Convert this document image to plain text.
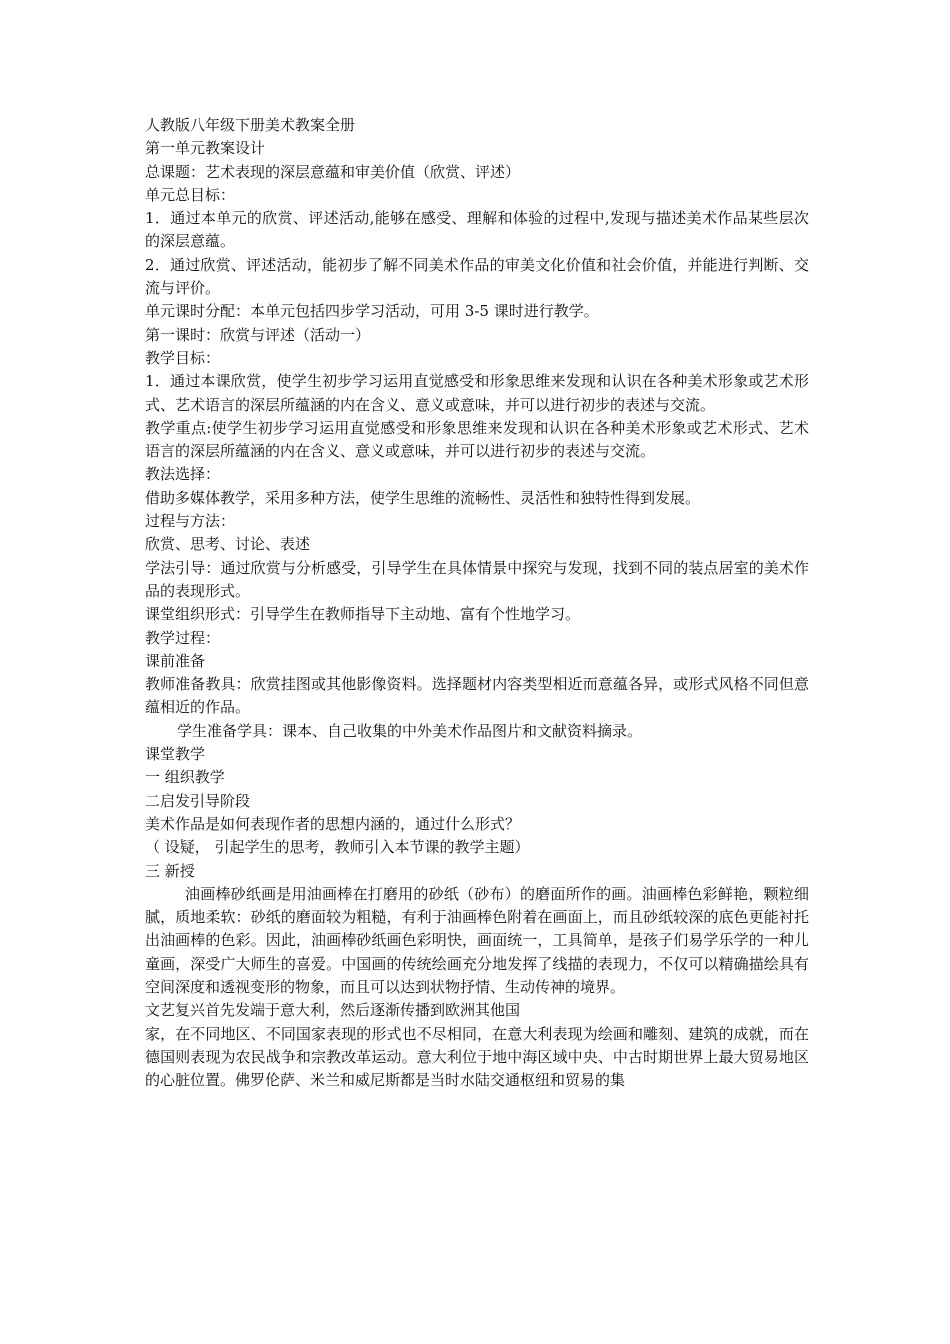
人教版八年级下册美术教案全册

第一单元教案设计

总课题：艺术表现的深层意蕴和审美价值（欣赏、评述）

单元总目标：

1．通过本单元的欣赏、评述活动,能够在感受、理解和体验的过程中,发现与描述美术作品某些层次的深层意蕴。

2．通过欣赏、评述活动，能初步了解不同美术作品的审美文化价值和社会价值，并能进行判断、交流与评价。

单元课时分配：本单元包括四步学习活动，可用 3-5 课时进行教学。

第一课时：欣赏与评述（活动一）

教学目标：

1．通过本课欣赏，使学生初步学习运用直觉感受和形象思维来发现和认识在各种美术形象或艺术形式、艺术语言的深层所蕴涵的内在含义、意义或意味，并可以进行初步的表述与交流。

教学重点:使学生初步学习运用直觉感受和形象思维来发现和认识在各种美术形象或艺术形式、艺术语言的深层所蕴涵的内在含义、意义或意味，并可以进行初步的表述与交流。

教法选择：

借助多媒体教学，采用多种方法，使学生思维的流畅性、灵活性和独特性得到发展。

过程与方法：

欣赏、思考、讨论、表述

学法引导：通过欣赏与分析感受，引导学生在具体情景中探究与发现，找到不同的装点居室的美术作品的表现形式。

课堂组织形式：引导学生在教师指导下主动地、富有个性地学习。

教学过程：

课前准备

教师准备教具：欣赏挂图或其他影像资料。选择题材内容类型相近而意蕴各异，或形式风格不同但意蕴相近的作品。

学生准备学具：课本、自己收集的中外美术作品图片和文献资料摘录。

课堂教学

一 组织教学

二启发引导阶段

美术作品是如何表现作者的思想内涵的，通过什么形式？

（ 设疑， 引起学生的思考，教师引入本节课的教学主题）

三 新授

油画棒砂纸画是用油画棒在打磨用的砂纸（砂布）的磨面所作的画。油画棒色彩鲜艳，颗粒细腻，质地柔软：砂纸的磨面较为粗糙，有利于油画棒色附着在画面上，而且砂纸较深的底色更能衬托出油画棒的色彩。因此，油画棒砂纸画色彩明快，画面统一，工具简单，是孩子们易学乐学的一种儿童画，深受广大师生的喜爱。中国画的传统绘画充分地发挥了线描的表现力，不仅可以精确描绘具有空间深度和透视变形的物象，而且可以达到状物抒情、生动传神的境界。

文艺复兴首先发端于意大利，然后逐渐传播到欧洲其他国

家，在不同地区、不同国家表现的形式也不尽相同，在意大利表现为绘画和雕刻、建筑的成就，而在德国则表现为农民战争和宗教改革运动。意大利位于地中海区域中央、中古时期世界上最大贸易地区的心脏位置。佛罗伦萨、米兰和威尼斯都是当时水陆交通枢纽和贸易的集
